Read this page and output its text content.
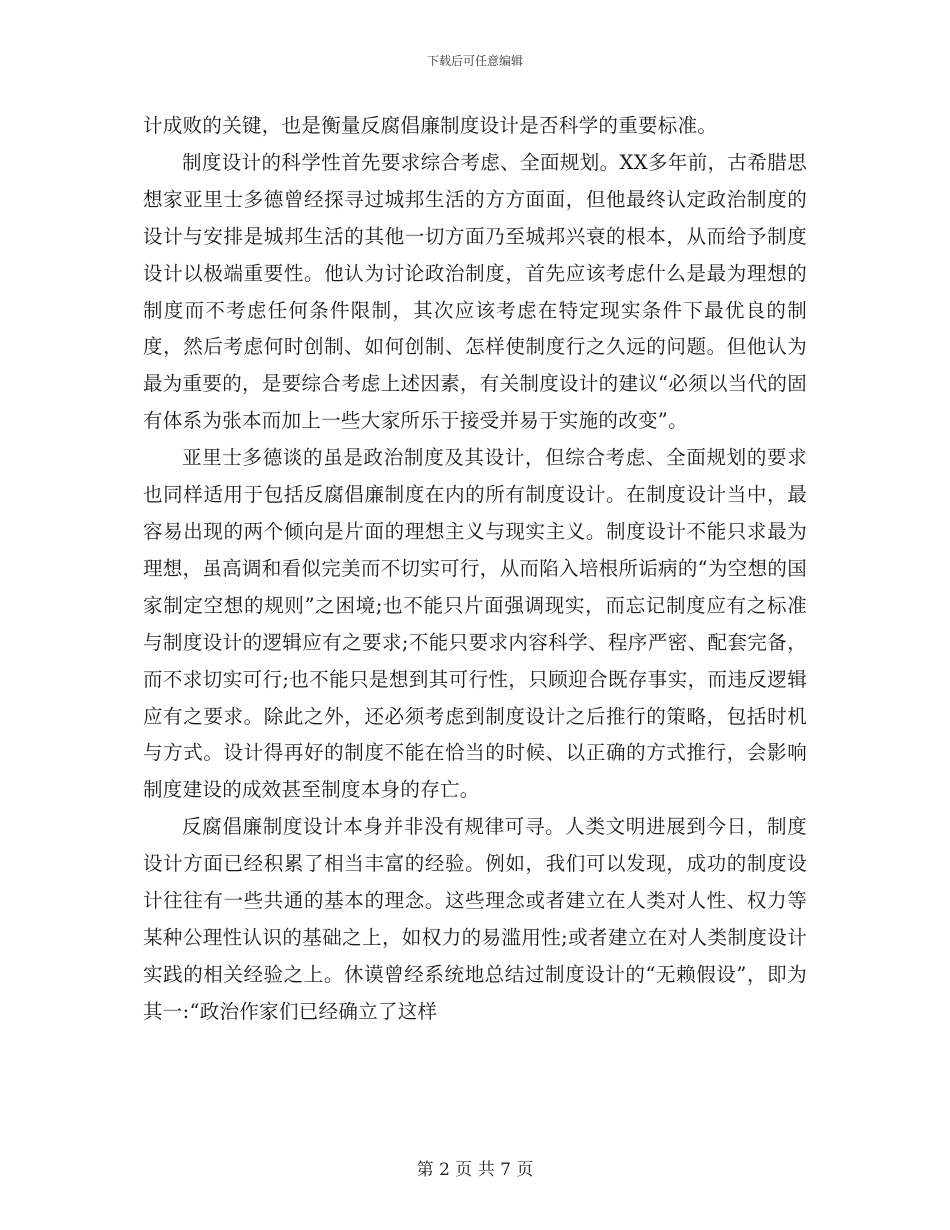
下载后可任意编辑

计成败的关键，也是衡量反腐倡廉制度设计是否科学的重要标准。

制度设计的科学性首先要求综合考虑、全面规划。XX多年前，古希腊思想家亚里士多德曾经探寻过城邦生活的方方面面，但他最终认定政治制度的设计与安排是城邦生活的其他一切方面乃至城邦兴衰的根本，从而给予制度设计以极端重要性。他认为讨论政治制度，首先应该考虑什么是最为理想的制度而不考虑任何条件限制，其次应该考虑在特定现实条件下最优良的制度，然后考虑何时创制、如何创制、怎样使制度行之久远的问题。但他认为最为重要的，是要综合考虑上述因素，有关制度设计的建议“必须以当代的固有体系为张本而加上一些大家所乐于接受并易于实施的改变”。

亚里士多德谈的虽是政治制度及其设计，但综合考虑、全面规划的要求也同样适用于包括反腐倡廉制度在内的所有制度设计。在制度设计当中，最容易出现的两个倾向是片面的理想主义与现实主义。制度设计不能只求最为理想，虽高调和看似完美而不切实可行，从而陷入培根所诟病的“为空想的国家制定空想的规则”之困境;也不能只片面强调现实，而忘记制度应有之标准与制度设计的逻辑应有之要求;不能只要求内容科学、程序严密、配套完备，而不求切实可行;也不能只是想到其可行性，只顾迎合既存事实，而违反逻辑应有之要求。除此之外，还必须考虑到制度设计之后推行的策略，包括时机与方式。设计得再好的制度不能在恰当的时候、以正确的方式推行，会影响制度建设的成效甚至制度本身的存亡。

反腐倡廉制度设计本身并非没有规律可寻。人类文明进展到今日，制度设计方面已经积累了相当丰富的经验。例如，我们可以发现，成功的制度设计往往有一些共通的基本的理念。这些理念或者建立在人类对人性、权力等某种公理性认识的基础之上，如权力的易滥用性;或者建立在对人类制度设计实践的相关经验之上。休谟曾经系统地总结过制度设计的“无赖假设”，即为其一:“政治作家们已经确立了这样

第 2 页 共 7 页
